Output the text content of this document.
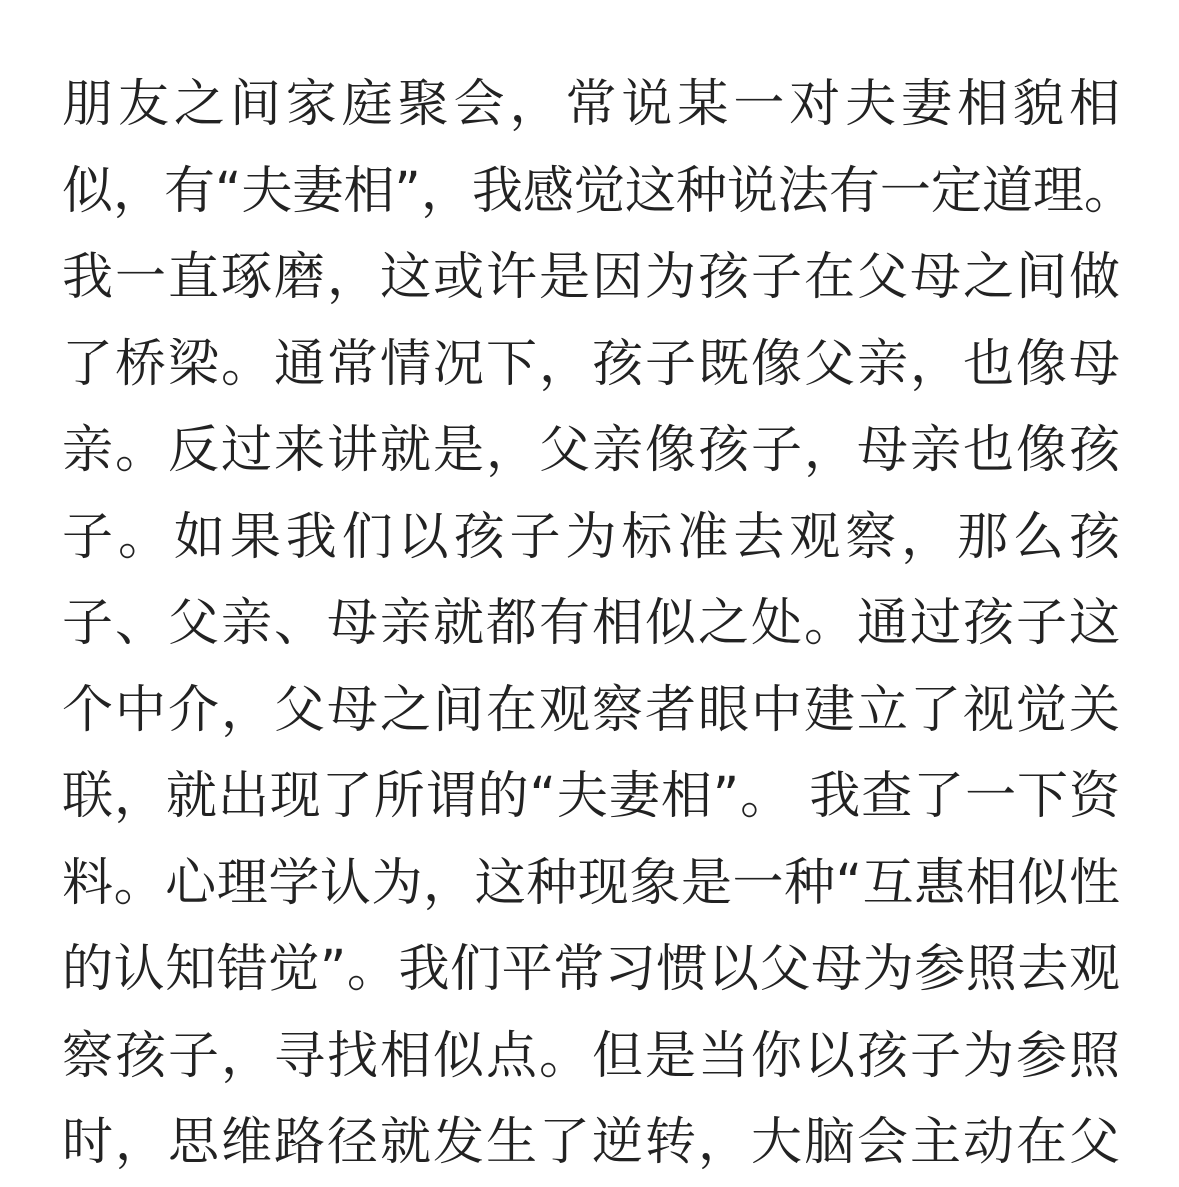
朋友之间家庭聚会，常说某一对夫妻相貌相
似，有“夫妻相”，我感觉这种说法有一定道理。
我一直琢磨，这或许是因为孩子在父母之间做
了桥梁。通常情况下，孩子既像父亲，也像母
亲。反过来讲就是，父亲像孩子，母亲也像孩
子。如果我们以孩子为标准去观察，那么孩
子、父亲、母亲就都有相似之处。通过孩子这
个中介，父母之间在观察者眼中建立了视觉关
联，就出现了所谓的“夫妻相”。 我查了一下资
料。心理学认为，这种现象是一种“互惠相似性
的认知错觉”。我们平常习惯以父母为参照去观
察孩子，寻找相似点。但是当你以孩子为参照
时，思维路径就发生了逆转，大脑会主动在父
